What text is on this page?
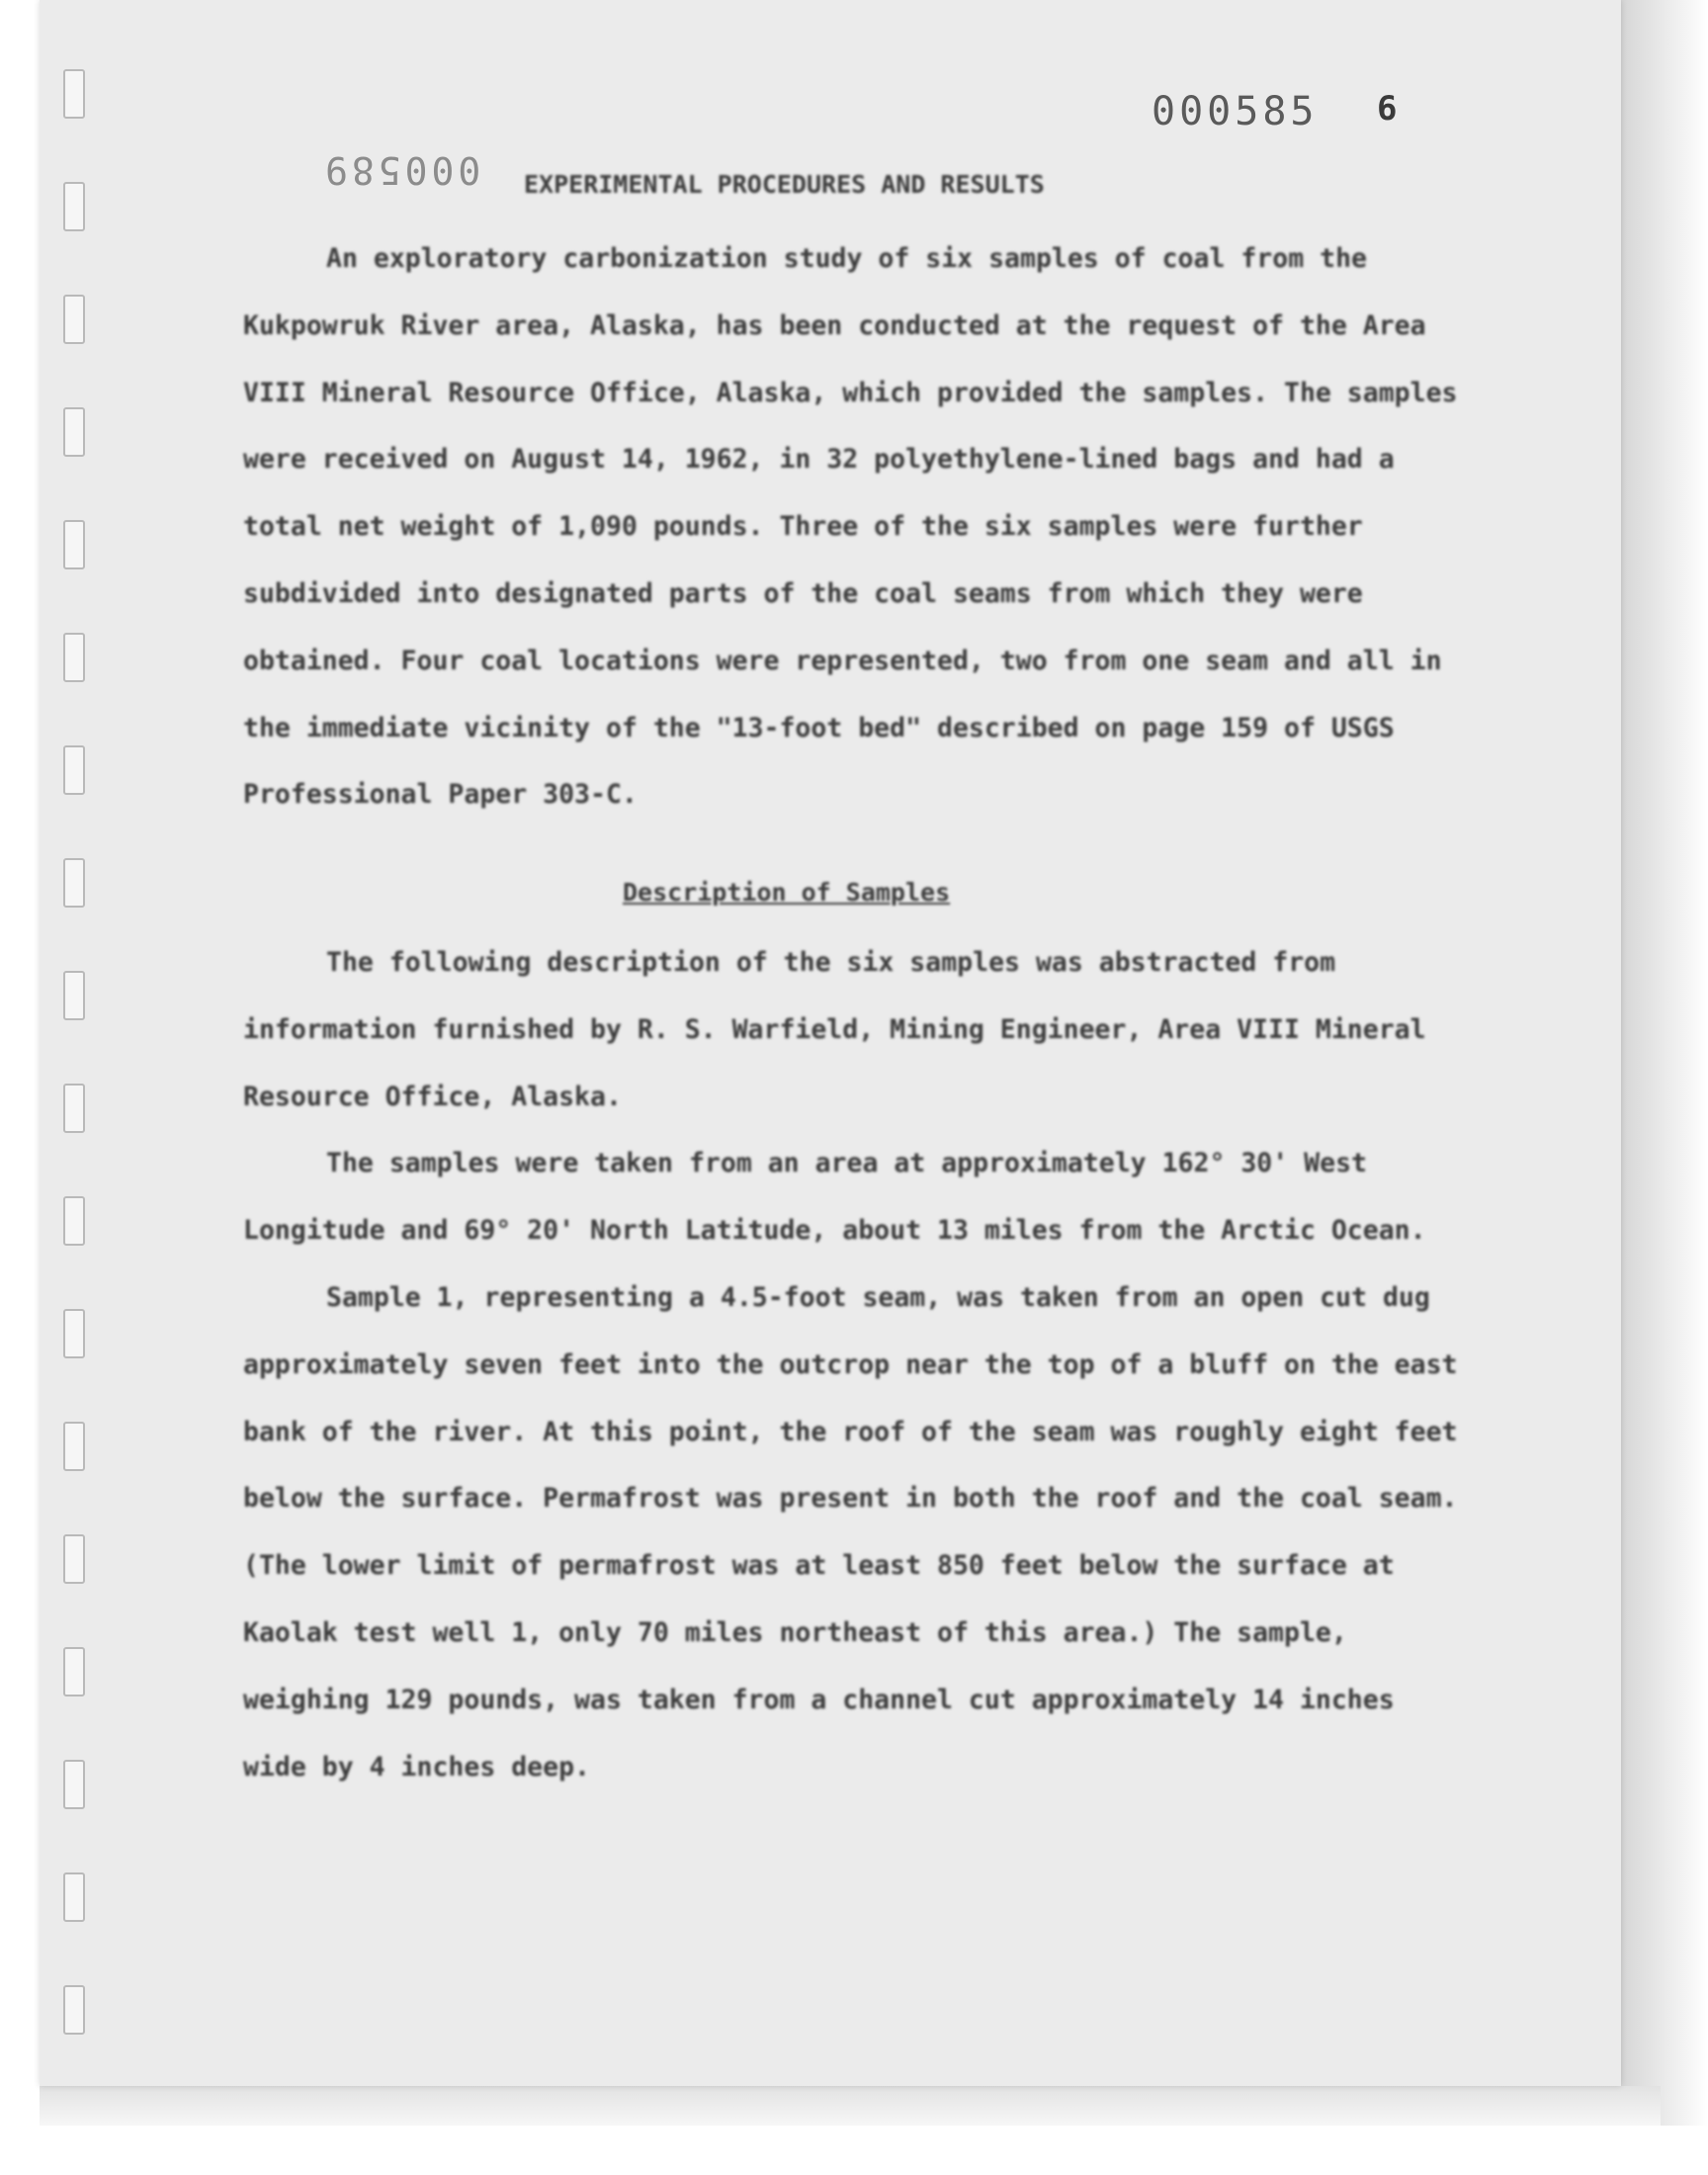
000585 6
000589 EXPERIMENTAL PROCEDURES AND RESULTS

An exploratory carbonization study of six samples of coal from the Kukpowruk River area, Alaska, has been conducted at the request of the Area VIII Mineral Resource Office, Alaska, which provided the samples. The samples were received on August 14, 1962, in 32 polyethylene-lined bags and had a total net weight of 1,090 pounds. Three of the six samples were further subdivided into designated parts of the coal seams from which they were obtained. Four coal locations were represented, two from one seam and all in the immediate vicinity of the "13-foot bed" described on page 159 of USGS Professional Paper 303-C.

Description of Samples

The following description of the six samples was abstracted from information furnished by R. S. Warfield, Mining Engineer, Area VIII Mineral Resource Office, Alaska.

The samples were taken from an area at approximately 162° 30' West Longitude and 69° 20' North Latitude, about 13 miles from the Arctic Ocean.

Sample 1, representing a 4.5-foot seam, was taken from an open cut dug approximately seven feet into the outcrop near the top of a bluff on the east bank of the river. At this point, the roof of the seam was roughly eight feet below the surface. Permafrost was present in both the roof and the coal seam. (The lower limit of permafrost was at least 850 feet below the surface at Kaolak test well 1, only 70 miles northeast of this area.) The sample, weighing 129 pounds, was taken from a channel cut approximately 14 inches wide by 4 inches deep.
